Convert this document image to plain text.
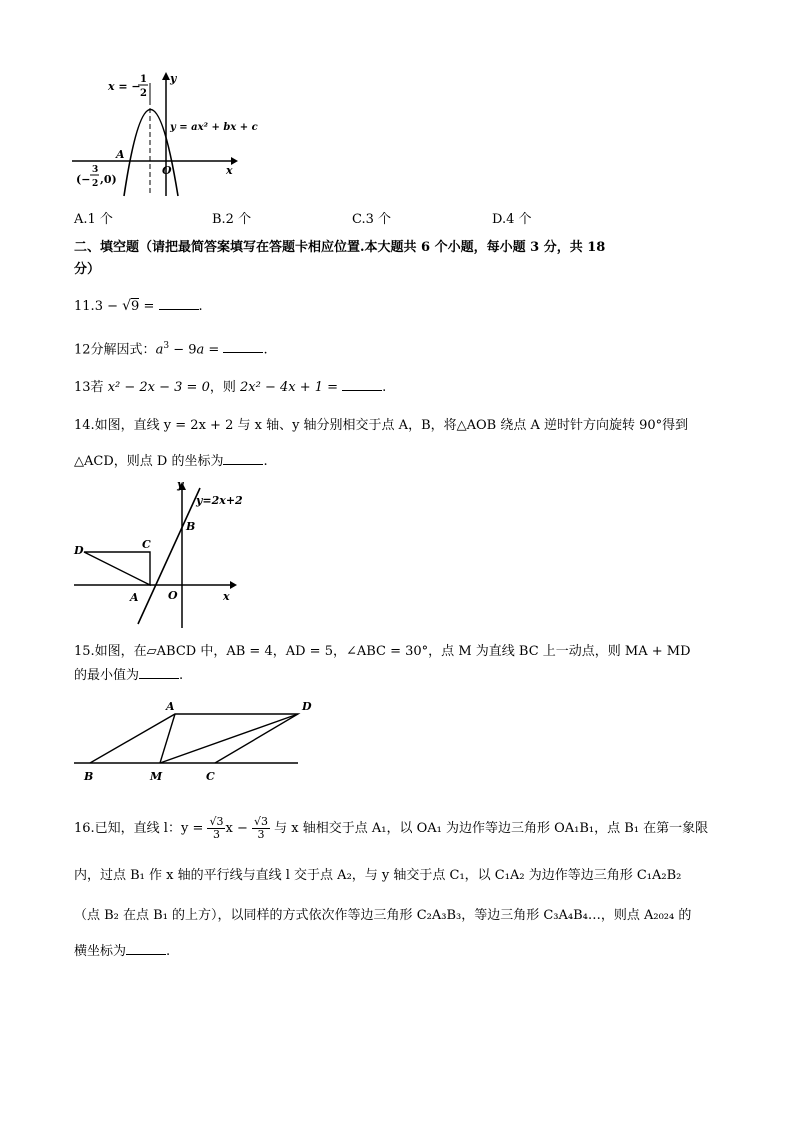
x = −
1
2
y
x
y = ax² + bx + c
A
O
(−
3
2 ,0)
A.1 个	B.2 个	C.3 个	D.4 个
二、填空题（请把最简答案填写在答题卡相应位置.本大题共 6 个小题，每小题 3 分，共 18
分）
11.3 − √9 =	.
12分解因式：$a^3 - 9a$ =	.
13若 x² − 2x − 3 = 0，则 2x² − 4x + 1 =	.
14.如图，直线 y = 2x + 2 与 x 轴、y 轴分别相交于点 A，B，将△AOB 绕点 A 逆时针方向旋转 90°得到
△ACD，则点 D 的坐标为	.
y
x
y=2x+2
B
C
D
A	O
15.如图，在▱ABCD 中，AB = 4，AD = 5，∠ABC = 30°，点 M 为直线 BC 上一动点，则 MA + MD
的最小值为	.
A	D
B	M	C
16.已知，直线 l：$y = \frac{√3}{3}$ $x - \frac{√3}{3}$ 与 x 轴相交于点 A₁，以 OA₁ 为边作等边三角形 OA₁B₁，点 B₁ 在第一象限
内，过点 B₁ 作 x 轴的平行线与直线 l 交于点 A₂，与 y 轴交于点 C₁，以 C₁A₂ 为边作等边三角形 C₁A₂B₂
（点 B₂ 在点 B₁ 的上方），以同样的方式依次作等边三角形 C₂A₃B₃，等边三角形 C₃A₄B₄…，则点 A₂₀₂₄ 的
横坐标为	.
